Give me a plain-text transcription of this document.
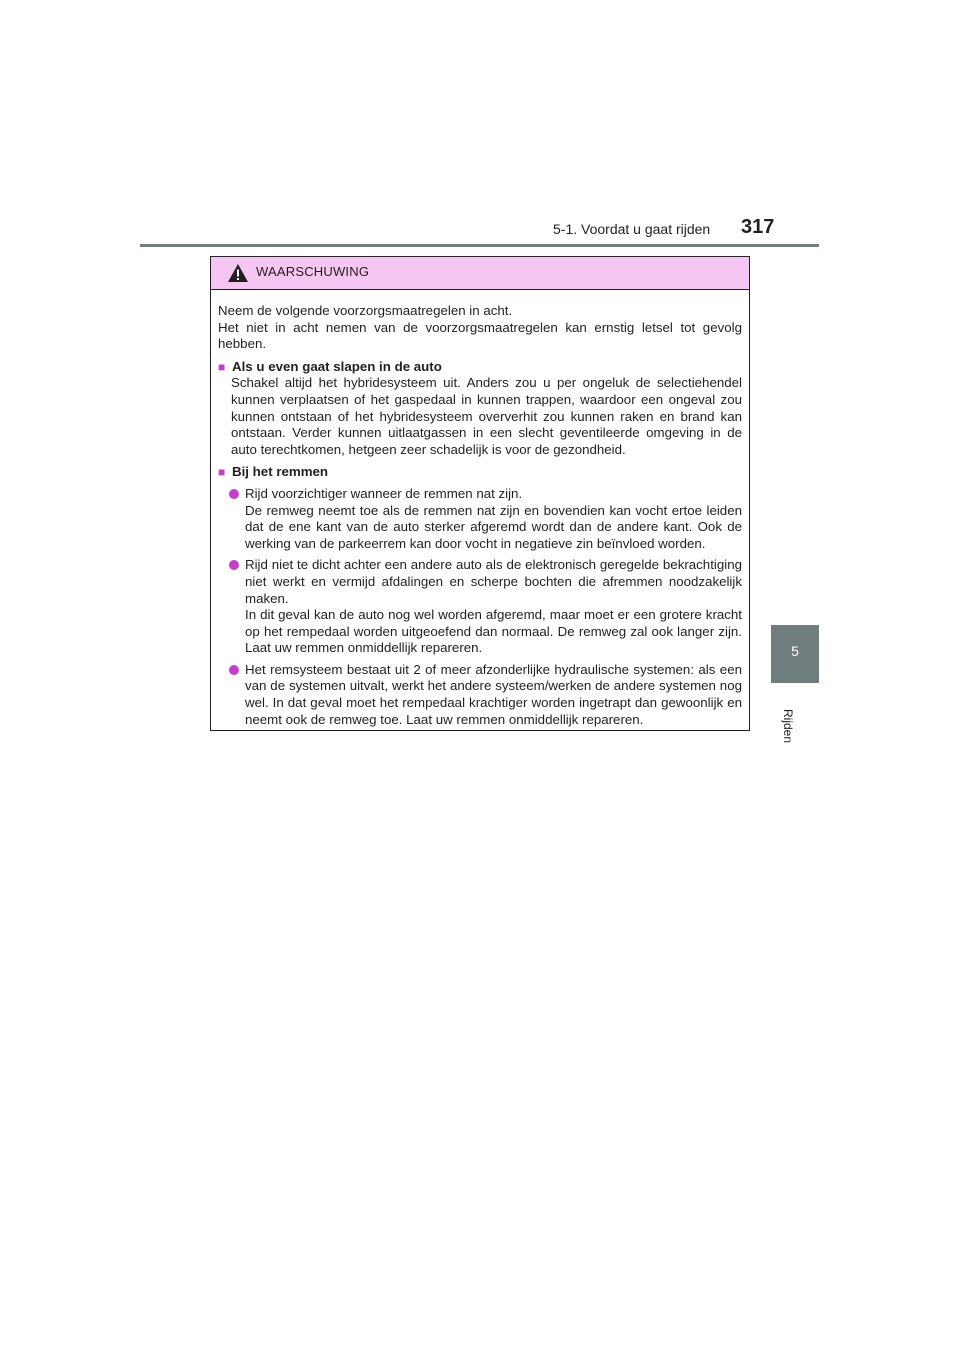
5-1. Voordat u gaat rijden 317
5
Rijden
WAARSCHUWING

Neem de volgende voorzorgsmaatregelen in acht.

Het niet in acht nemen van de voorzorgsmaatregelen kan ernstig letsel tot gevolg hebben.

■ Als u even gaat slapen in de auto
Schakel altijd het hybridesysteem uit. Anders zou u per ongeluk de selectiehendel kunnen verplaatsen of het gaspedaal in kunnen trappen, waardoor een ongeval zou kunnen ontstaan of het hybridesysteem oververhit zou kunnen raken en brand kan ontstaan. Verder kunnen uitlaatgassen in een slecht geventileerde omgeving in de auto terechtkomen, hetgeen zeer schadelijk is voor de gezondheid.
■ Bij het remmen
Rijd voorzichtiger wanneer de remmen nat zijn.
De remweg neemt toe als de remmen nat zijn en bovendien kan vocht ertoe leiden dat de ene kant van de auto sterker afgeremd wordt dan de andere kant. Ook de werking van de parkeerrem kan door vocht in negatieve zin beïnvloed worden.
Rijd niet te dicht achter een andere auto als de elektronisch geregelde bekrachtiging niet werkt en vermijd afdalingen en scherpe bochten die afremmen noodzakelijk maken.
In dit geval kan de auto nog wel worden afgeremd, maar moet er een grotere kracht op het rempedaal worden uitgeoefend dan normaal. De remweg zal ook langer zijn. Laat uw remmen onmiddellijk repareren.
Het remsysteem bestaat uit 2 of meer afzonderlijke hydraulische systemen: als een van de systemen uitvalt, werkt het andere systeem/werken de andere systemen nog wel. In dat geval moet het rempedaal krachtiger worden ingetrapt dan gewoonlijk en neemt ook de remweg toe. Laat uw remmen onmiddellijk repareren.
